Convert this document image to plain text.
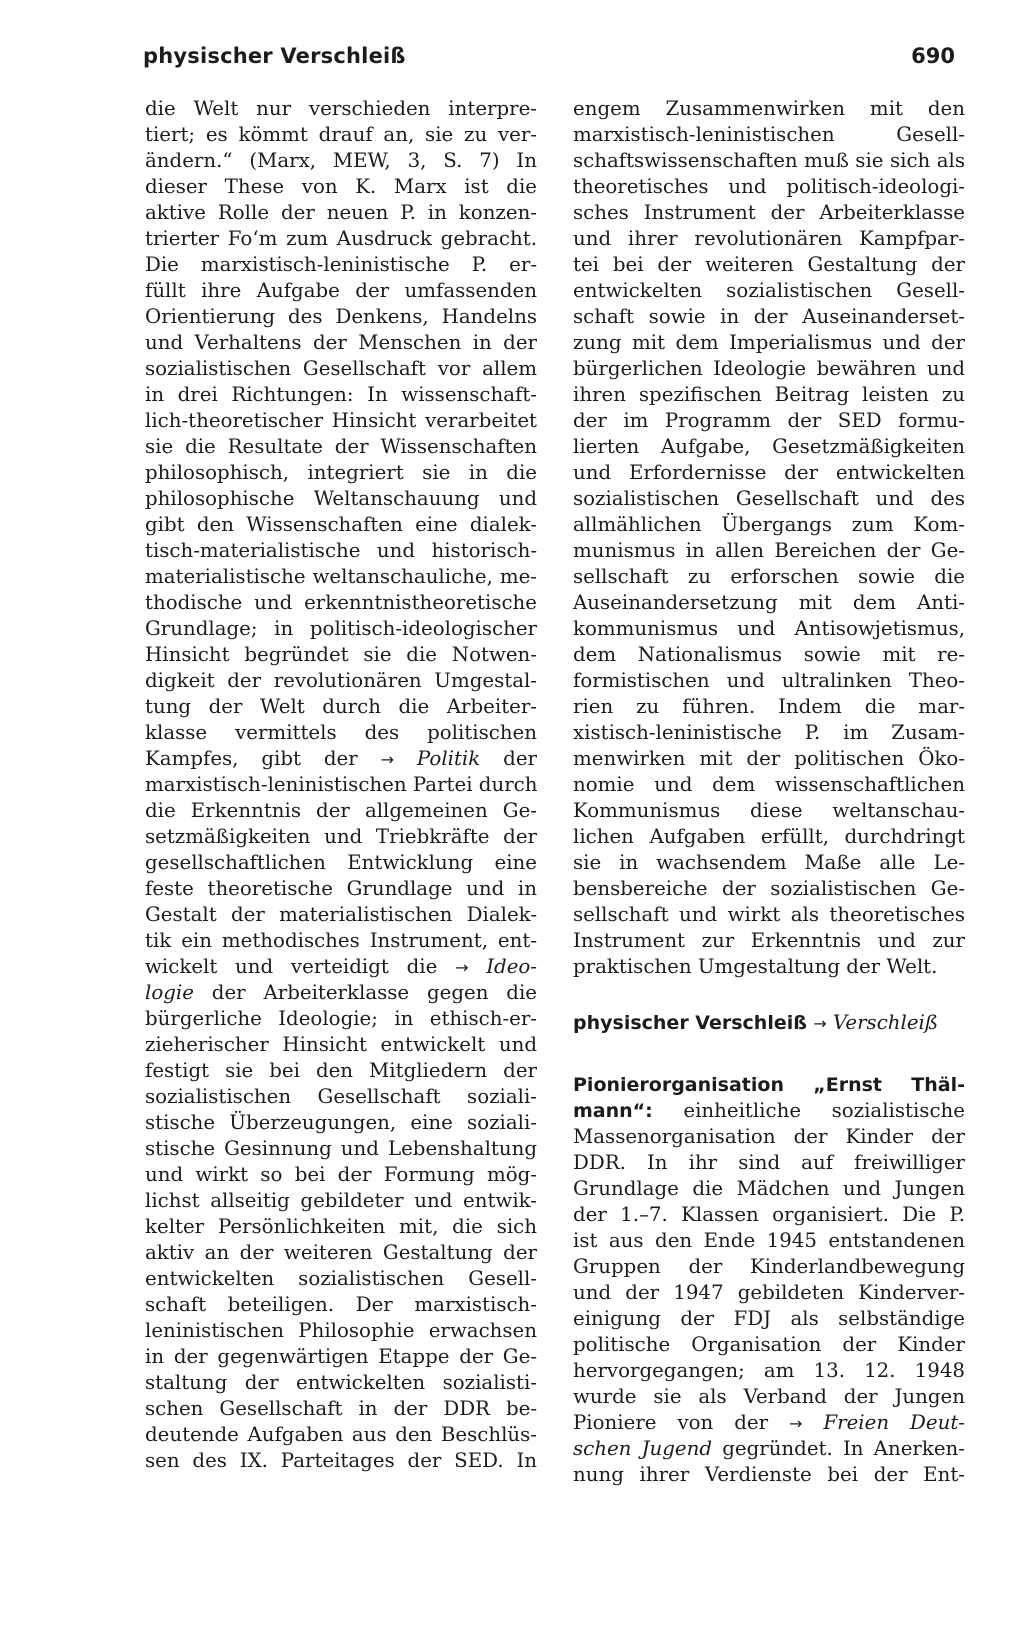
physischer Verschleiß	690
die Welt nur verschieden interpre-
tiert; es kömmt drauf an, sie zu ver-
ändern.“ (Marx, MEW, 3, S. 7) In
dieser These von K. Marx ist die
aktive Rolle der neuen P. in konzen-
trierter Fo‘m zum Ausdruck gebracht.
Die marxistisch-leninistische P. er-
füllt ihre Aufgabe der umfassenden
Orientierung des Denkens, Handelns
und Verhaltens der Menschen in der
sozialistischen Gesellschaft vor allem
in drei Richtungen: In wissenschaft-
lich-theoretischer Hinsicht verarbeitet
sie die Resultate der Wissenschaften
philosophisch, integriert sie in die
philosophische Weltanschauung und
gibt den Wissenschaften eine dialek-
tisch-materialistische und historisch-
materialistische weltanschauliche, me-
thodische und erkenntnistheoretische
Grundlage; in politisch-ideologischer
Hinsicht begründet sie die Notwen-
digkeit der revolutionären Umgestal-
tung der Welt durch die Arbeiter-
klasse vermittels des politischen
Kampfes, gibt der → Politik der
marxistisch-leninistischen Partei durch
die Erkenntnis der allgemeinen Ge-
setzmäßigkeiten und Triebkräfte der
gesellschaftlichen Entwicklung eine
feste theoretische Grundlage und in
Gestalt der materialistischen Dialek-
tik ein methodisches Instrument, ent-
wickelt und verteidigt die → Ideo-
logie der Arbeiterklasse gegen die
bürgerliche Ideologie; in ethisch-er-
zieherischer Hinsicht entwickelt und
festigt sie bei den Mitgliedern der
sozialistischen Gesellschaft soziali-
stische Überzeugungen, eine soziali-
stische Gesinnung und Lebenshaltung
und wirkt so bei der Formung mög-
lichst allseitig gebildeter und entwik-
kelter Persönlichkeiten mit, die sich
aktiv an der weiteren Gestaltung der
entwickelten sozialistischen Gesell-
schaft beteiligen. Der marxistisch-
leninistischen Philosophie erwachsen
in der gegenwärtigen Etappe der Ge-
staltung der entwickelten sozialisti-
schen Gesellschaft in der DDR be-
deutende Aufgaben aus den Beschlüs-
sen des IX. Parteitages der SED. In
engem Zusammenwirken mit den
marxistisch-leninistischen Gesell-
schaftswissenschaften muß sie sich als
theoretisches und politisch-ideologi-
sches Instrument der Arbeiterklasse
und ihrer revolutionären Kampfpar-
tei bei der weiteren Gestaltung der
entwickelten sozialistischen Gesell-
schaft sowie in der Auseinanderset-
zung mit dem Imperialismus und der
bürgerlichen Ideologie bewähren und
ihren spezifischen Beitrag leisten zu
der im Programm der SED formu-
lierten Aufgabe, Gesetzmäßigkeiten
und Erfordernisse der entwickelten
sozialistischen Gesellschaft und des
allmählichen Übergangs zum Kom-
munismus in allen Bereichen der Ge-
sellschaft zu erforschen sowie die
Auseinandersetzung mit dem Anti-
kommunismus und Antisowjetismus,
dem Nationalismus sowie mit re-
formistischen und ultralinken Theo-
rien zu führen. Indem die mar-
xistisch-leninistische P. im Zusam-
menwirken mit der politischen Öko-
nomie und dem wissenschaftlichen
Kommunismus diese weltanschau-
lichen Aufgaben erfüllt, durchdringt
sie in wachsendem Maße alle Le-
bensbereiche der sozialistischen Ge-
sellschaft und wirkt als theoretisches
Instrument zur Erkenntnis und zur
praktischen Umgestaltung der Welt.
physischer Verschleiß → Verschleiß
Pionierorganisation „Ernst Thäl-
mann“: einheitliche sozialistische
Massenorganisation der Kinder der
DDR. In ihr sind auf freiwilliger
Grundlage die Mädchen und Jungen
der 1.–7. Klassen organisiert. Die P.
ist aus den Ende 1945 entstandenen
Gruppen der Kinderlandbewegung
und der 1947 gebildeten Kinderver-
einigung der FDJ als selbständige
politische Organisation der Kinder
hervorgegangen; am 13. 12. 1948
wurde sie als Verband der Jungen
Pioniere von der → Freien Deut-
schen Jugend gegründet. In Anerken-
nung ihrer Verdienste bei der Ent-
